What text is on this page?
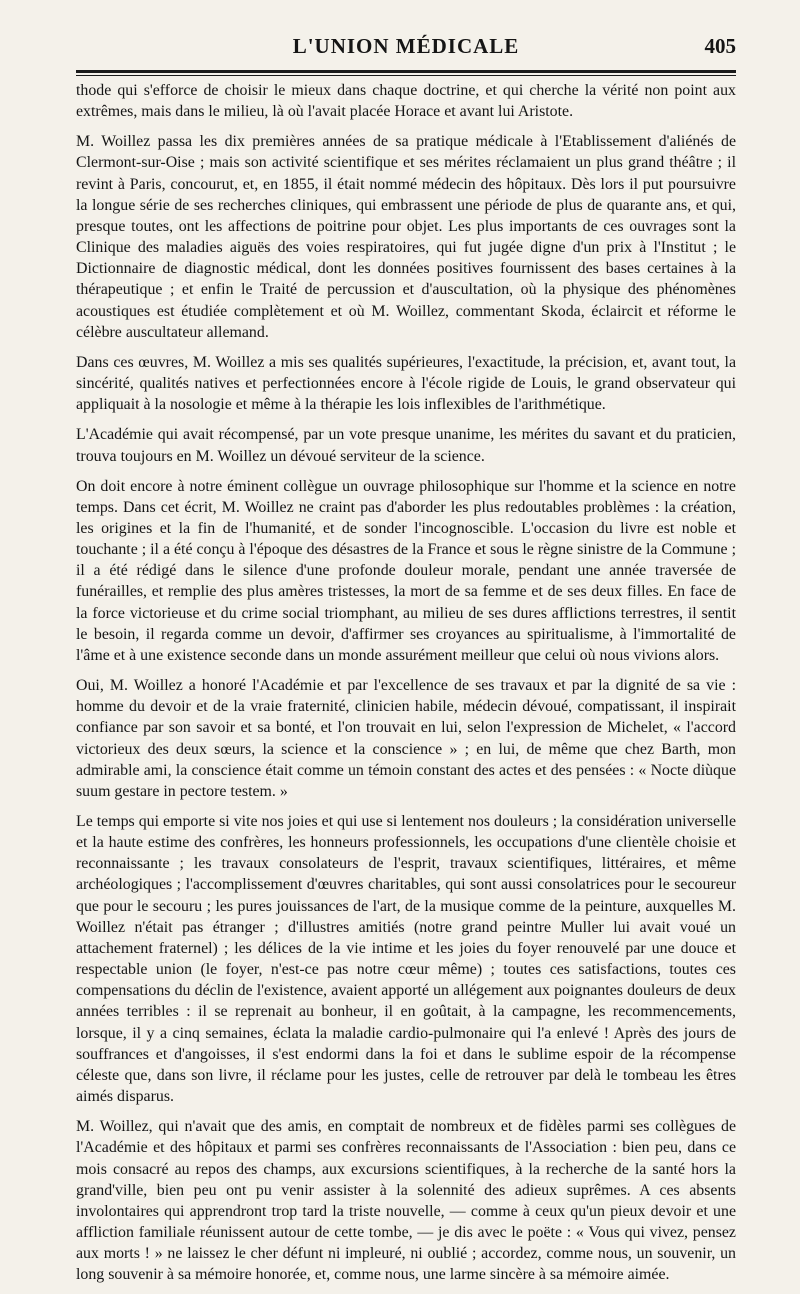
L'UNION MÉDICALE	405

thode qui s'efforce de choisir le mieux dans chaque doctrine, et qui cherche la vérité non point aux extrêmes, mais dans le milieu, là où l'avait placée Horace et avant lui Aristote.

M. Woillez passa les dix premières années de sa pratique médicale à l'Etablissement d'aliénés de Clermont-sur-Oise ; mais son activité scientifique et ses mérites réclamaient un plus grand théâtre ; il revint à Paris, concourut, et, en 1855, il était nommé médecin des hôpitaux. Dès lors il put poursuivre la longue série de ses recherches cliniques, qui embrassent une période de plus de quarante ans, et qui, presque toutes, ont les affections de poitrine pour objet. Les plus importants de ces ouvrages sont la Clinique des maladies aiguës des voies respiratoires, qui fut jugée digne d'un prix à l'Institut ; le Dictionnaire de diagnostic médical, dont les données positives fournissent des bases certaines à la thérapeutique ; et enfin le Traité de percussion et d'auscultation, où la physique des phénomènes acoustiques est étudiée complètement et où M. Woillez, commentant Skoda, éclaircit et réforme le célèbre auscultateur allemand.

Dans ces œuvres, M. Woillez a mis ses qualités supérieures, l'exactitude, la précision, et, avant tout, la sincérité, qualités natives et perfectionnées encore à l'école rigide de Louis, le grand observateur qui appliquait à la nosologie et même à la thérapie les lois inflexibles de l'arithmétique.

L'Académie qui avait récompensé, par un vote presque unanime, les mérites du savant et du praticien, trouva toujours en M. Woillez un dévoué serviteur de la science.

On doit encore à notre éminent collègue un ouvrage philosophique sur l'homme et la science en notre temps. Dans cet écrit, M. Woillez ne craint pas d'aborder les plus redoutables problèmes : la création, les origines et la fin de l'humanité, et de sonder l'incognoscible. L'occasion du livre est noble et touchante ; il a été conçu à l'époque des désastres de la France et sous le règne sinistre de la Commune ; il a été rédigé dans le silence d'une profonde douleur morale, pendant une année traversée de funérailles, et remplie des plus amères tristesses, la mort de sa femme et de ses deux filles. En face de la force victorieuse et du crime social triomphant, au milieu de ses dures afflictions terrestres, il sentit le besoin, il regarda comme un devoir, d'affirmer ses croyances au spiritualisme, à l'immortalité de l'âme et à une existence seconde dans un monde assurément meilleur que celui où nous vivions alors.

Oui, M. Woillez a honoré l'Académie et par l'excellence de ses travaux et par la dignité de sa vie : homme du devoir et de la vraie fraternité, clinicien habile, médecin dévoué, compatissant, il inspirait confiance par son savoir et sa bonté, et l'on trouvait en lui, selon l'expression de Michelet, « l'accord victorieux des deux sœurs, la science et la conscience » ; en lui, de même que chez Barth, mon admirable ami, la conscience était comme un témoin constant des actes et des pensées : « Nocte diùque suum gestare in pectore testem. »

Le temps qui emporte si vite nos joies et qui use si lentement nos douleurs ; la considération universelle et la haute estime des confrères, les honneurs professionnels, les occupations d'une clientèle choisie et reconnaissante ; les travaux consolateurs de l'esprit, travaux scientifiques, littéraires, et même archéologiques ; l'accomplissement d'œuvres charitables, qui sont aussi consolatrices pour le secoureur que pour le secouru ; les pures jouissances de l'art, de la musique comme de la peinture, auxquelles M. Woillez n'était pas étranger ; d'illustres amitiés (notre grand peintre Muller lui avait voué un attachement fraternel) ; les délices de la vie intime et les joies du foyer renouvelé par une douce et respectable union (le foyer, n'est-ce pas notre cœur même) ; toutes ces satisfactions, toutes ces compensations du déclin de l'existence, avaient apporté un allégement aux poignantes douleurs de deux années terribles : il se reprenait au bonheur, il en goûtait, à la campagne, les recommencements, lorsque, il y a cinq semaines, éclata la maladie cardio-pulmonaire qui l'a enlevé ! Après des jours de souffrances et d'angoisses, il s'est endormi dans la foi et dans le sublime espoir de la récompense céleste que, dans son livre, il réclame pour les justes, celle de retrouver par delà le tombeau les êtres aimés disparus.

M. Woillez, qui n'avait que des amis, en comptait de nombreux et de fidèles parmi ses collègues de l'Académie et des hôpitaux et parmi ses confrères reconnaissants de l'Association : bien peu, dans ce mois consacré au repos des champs, aux excursions scientifiques, à la recherche de la santé hors la grand'ville, bien peu ont pu venir assister à la solennité des adieux suprêmes. A ces absents involontaires qui apprendront trop tard la triste nouvelle, — comme à ceux qu'un pieux devoir et une affliction familiale réunissent autour de cette tombe, — je dis avec le poëte : « Vous qui vivez, pensez aux morts ! » ne laissez le cher défunt ni impleuré, ni oublié ; accordez, comme nous, un souvenir, un long souvenir à sa mémoire honorée, et, comme nous, une larme sincère à sa mémoire aimée.
